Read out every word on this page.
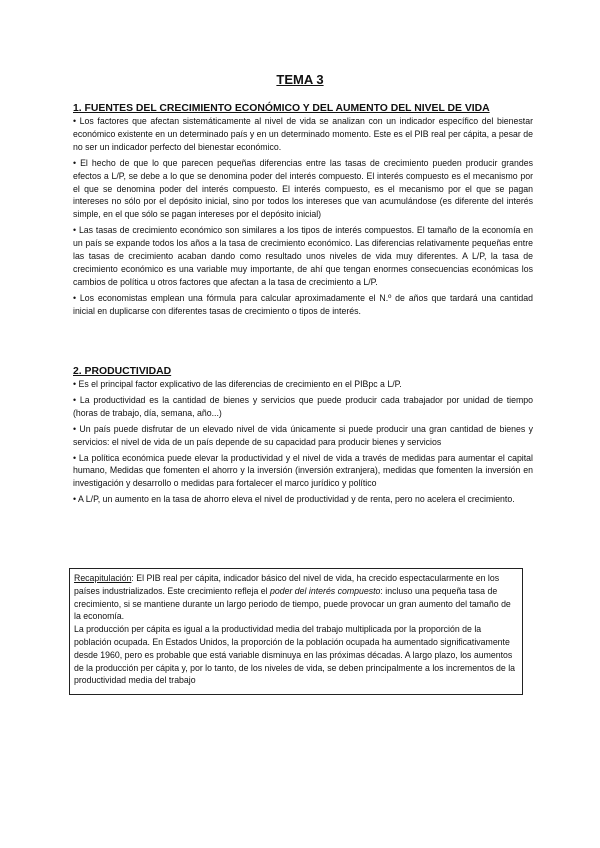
TEMA 3
1. FUENTES DEL CRECIMIENTO ECONÓMICO Y DEL AUMENTO DEL NIVEL DE VIDA

• Los factores que afectan sistemáticamente al nivel de vida se analizan con un indicador específico del bienestar económico existente en un determinado país y en un determinado momento. Este es el PIB real per cápita, a pesar de no ser un indicador perfecto del bienestar económico.

• El hecho de que lo que parecen pequeñas diferencias entre las tasas de crecimiento pueden producir grandes efectos a L/P, se debe a lo que se denomina poder del interés compuesto. El interés compuesto es el mecanismo por el que se denomina poder del interés compuesto. El interés compuesto, es el mecanismo por el que se pagan intereses no sólo por el depósito inicial, sino por todos los intereses que van acumulándose (es diferente del interés simple, en el que sólo se pagan intereses por el depósito inicial)

• Las tasas de crecimiento económico son similares a los tipos de interés compuestos. El tamaño de la economía en un país se expande todos los años a la tasa de crecimiento económico. Las diferencias relativamente pequeñas entre las tasas de crecimiento acaban dando como resultado unos niveles de vida muy diferentes. A L/P, la tasa de crecimiento económico es una variable muy importante, de ahí que tengan enormes consecuencias económicas los cambios de política u otros factores que afectan a la tasa de crecimiento a L/P.

• Los economistas emplean una fórmula para calcular aproximadamente el N.º de años que tardará una cantidad inicial en duplicarse con diferentes tasas de crecimiento o tipos de interés.

2. PRODUCTIVIDAD

• Es el principal factor explicativo de las diferencias de crecimiento en el PIBpc a L/P.

• La productividad es la cantidad de bienes y servicios que puede producir cada trabajador por unidad de tiempo (horas de trabajo, día, semana, año...)

• Un país puede disfrutar de un elevado nivel de vida únicamente si puede producir una gran cantidad de bienes y servicios: el nivel de vida de un país depende de su capacidad para producir bienes y servicios

• La política económica puede elevar la productividad y el nivel de vida a través de medidas para aumentar el capital humano, Medidas que fomenten el ahorro y la inversión (inversión extranjera), medidas que fomenten la inversión en investigación y desarrollo o medidas para fortalecer el marco jurídico y político

• A L/P, un aumento en la tasa de ahorro eleva el nivel de productividad y de renta, pero no acelera el crecimiento.

Recapitulación: El PIB real per cápita, indicador básico del nivel de vida, ha crecido espectacularmente en los países industrializados. Este crecimiento refleja el poder del interés compuesto: incluso una pequeña tasa de crecimiento, si se mantiene durante un largo periodo de tiempo, puede provocar un gran aumento del tamaño de la economía.

La producción per cápita es igual a la productividad media del trabajo multiplicada por la proporción de la población ocupada. En Estados Unidos, la proporción de la población ocupada ha aumentado significativamente desde 1960, pero es probable que está variable disminuya en las próximas décadas. A largo plazo, los aumentos de la producción per cápita y, por lo tanto, de los niveles de vida, se deben principalmente a los incrementos de la productividad media del trabajo
